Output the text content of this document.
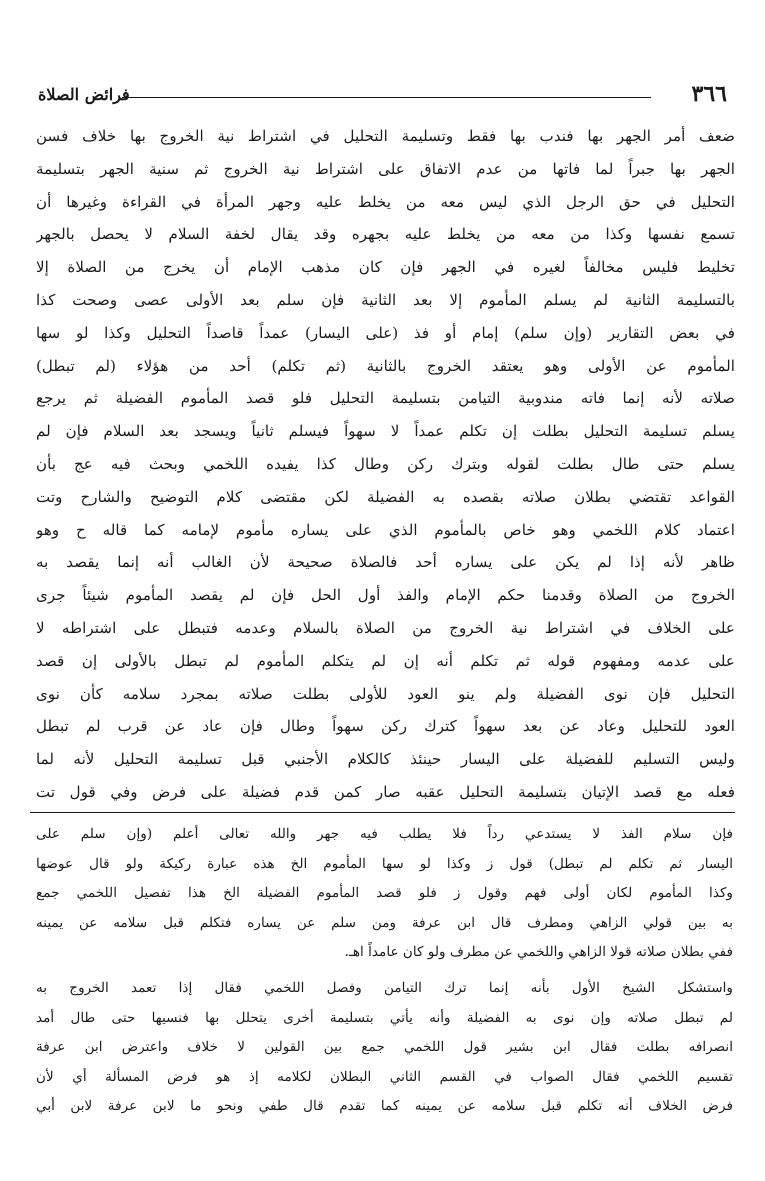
٣٦٦
فرائض الصلاة
ضعف أمر الجهر بها فندب بها فقط وتسليمة التحليل في اشتراط نية الخروج بها خلاف فسن
الجهر بها جبراً لما فاتها من عدم الاتفاق على اشتراط نية الخروج ثم سنية الجهر بتسليمة
التحليل في حق الرجل الذي ليس معه من يخلط عليه وجهر المرأة في القراءة وغيرها أن
تسمع نفسها وكذا من معه من يخلط عليه بجهره وقد يقال لخفة السلام لا يحصل بالجهر
تخليط فليس مخالفاً لغيره في الجهر فإن كان مذهب الإمام أن يخرج من الصلاة إلا
بالتسليمة الثانية لم يسلم المأموم إلا بعد الثانية فإن سلم بعد الأولى عصى وصحت كذا
في بعض التقارير (وإن سلم) إمام أو فذ (على اليسار) عمداً قاصداً التحليل وكذا لو سها
المأموم عن الأولى وهو يعتقد الخروج بالثانية (ثم تكلم) أحد من هؤلاء (لم تبطل)
صلاته لأنه إنما فاته مندوبية التيامن بتسليمة التحليل فلو قصد المأموم الفضيلة ثم يرجع
يسلم تسليمة التحليل بطلت إن تكلم عمداً لا سهواً فيسلم ثانياً ويسجد بعد السلام فإن لم
يسلم حتى طال بطلت لقوله وبترك ركن وطال كذا يفيده اللخمي وبحث فيه عج بأن
القواعد تقتضي بطلان صلاته بقصده به الفضيلة لكن مقتضى كلام التوضيح والشارح وتت
اعتماد كلام اللخمي وهو خاص بالمأموم الذي على يساره مأموم لإمامه كما قاله ح وهو
ظاهر لأنه إذا لم يكن على يساره أحد فالصلاة صحيحة لأن الغالب أنه إنما يقصد به
الخروج من الصلاة وقدمنا حكم الإمام والفذ أول الحل فإن لم يقصد المأموم شيئاً جرى
على الخلاف في اشتراط نية الخروج من الصلاة بالسلام وعدمه فتبطل على اشتراطه لا
على عدمه ومفهوم قوله ثم تكلم أنه إن لم يتكلم المأموم لم تبطل بالأولى إن قصد
التحليل فإن نوى الفضيلة ولم ينو العود للأولى بطلت صلاته بمجرد سلامه كأن نوى
العود للتحليل وعاد عن بعد سهواً كترك ركن سهواً وطال فإن عاد عن قرب لم تبطل
وليس التسليم للفضيلة على اليسار حينئذ كالكلام الأجنبي قبل تسليمة التحليل لأنه لما
فعله مع قصد الإتيان بتسليمة التحليل عقبه صار كمن قدم فضيلة على فرض وفي قول تت
فإن سلام الفذ لا يستدعي رداً فلا يطلب فيه جهر والله تعالى أعلم (وإن سلم على
اليسار ثم تكلم لم تبطل) قول ز وكذا لو سها المأموم الخ هذه عبارة ركيكة ولو قال عوضها
وكذا المأموم لكان أولى فهم وقول ز فلو قصد المأموم الفضيلة الخ هذا تفصيل اللخمي جمع
به بين قولي الزاهي ومطرف قال ابن عرفة ومن سلم عن يساره فتكلم قبل سلامه عن يمينه
ففي بطلان صلاته قولا الزاهي واللخمي عن مطرف ولو كان عامداً اهـ.
واستشكل الشيخ الأول بأنه إنما ترك التيامن وفصل اللخمي فقال إذا تعمد الخروج به
لم تبطل صلاته وإن نوى به الفضيلة وأنه يأتي بتسليمة أخرى يتحلل بها فنسيها حتى طال أمد
انصرافه بطلت فقال ابن بشير قول اللخمي جمع بين القولين لا خلاف واعترض ابن عرفة
تقسيم اللخمي فقال الصواب في القسم الثاني البطلان لكلامه إذ هو فرض المسألة أي لأن
فرض الخلاف أنه تكلم قبل سلامه عن يمينه كما تقدم قال طفي ونحو ما لابن عرفة لابن أبي
